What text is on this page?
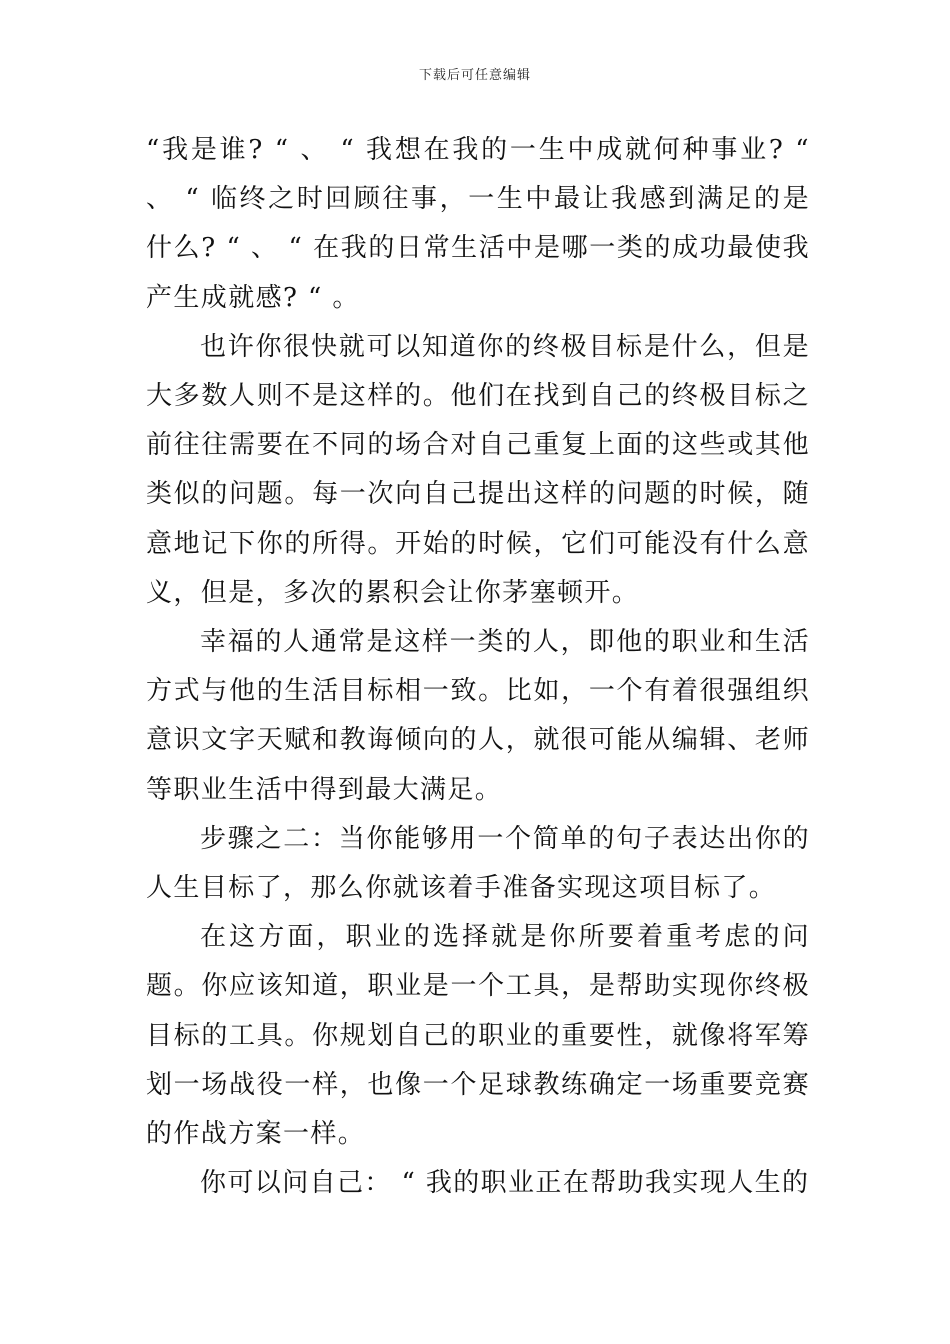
下载后可任意编辑

“我是谁? “ 、 “ 我想在我的一生中成就何种事业? “ 、 “ 临终之时回顾往事，一生中最让我感到满足的是什么? “ 、 “ 在我的日常生活中是哪一类的成功最使我产生成就感? “ 。

也许你很快就可以知道你的终极目标是什么，但是大多数人则不是这样的。他们在找到自己的终极目标之前往往需要在不同的场合对自己重复上面的这些或其他类似的问题。每一次向自己提出这样的问题的时候，随意地记下你的所得。开始的时候，它们可能没有什么意义，但是，多次的累积会让你茅塞顿开。

幸福的人通常是这样一类的人，即他的职业和生活方式与他的生活目标相一致。比如，一个有着很强组织意识文字天赋和教诲倾向的人，就很可能从编辑、老师等职业生活中得到最大满足。

步骤之二：当你能够用一个简单的句子表达出你的人生目标了，那么你就该着手准备实现这项目标了。

在这方面，职业的选择就是你所要着重考虑的问题。你应该知道，职业是一个工具，是帮助实现你终极目标的工具。你规划自己的职业的重要性，就像将军筹划一场战役一样，也像一个足球教练确定一场重要竞赛的作战方案一样。

你可以问自己： “ 我的职业正在帮助我实现人生的
